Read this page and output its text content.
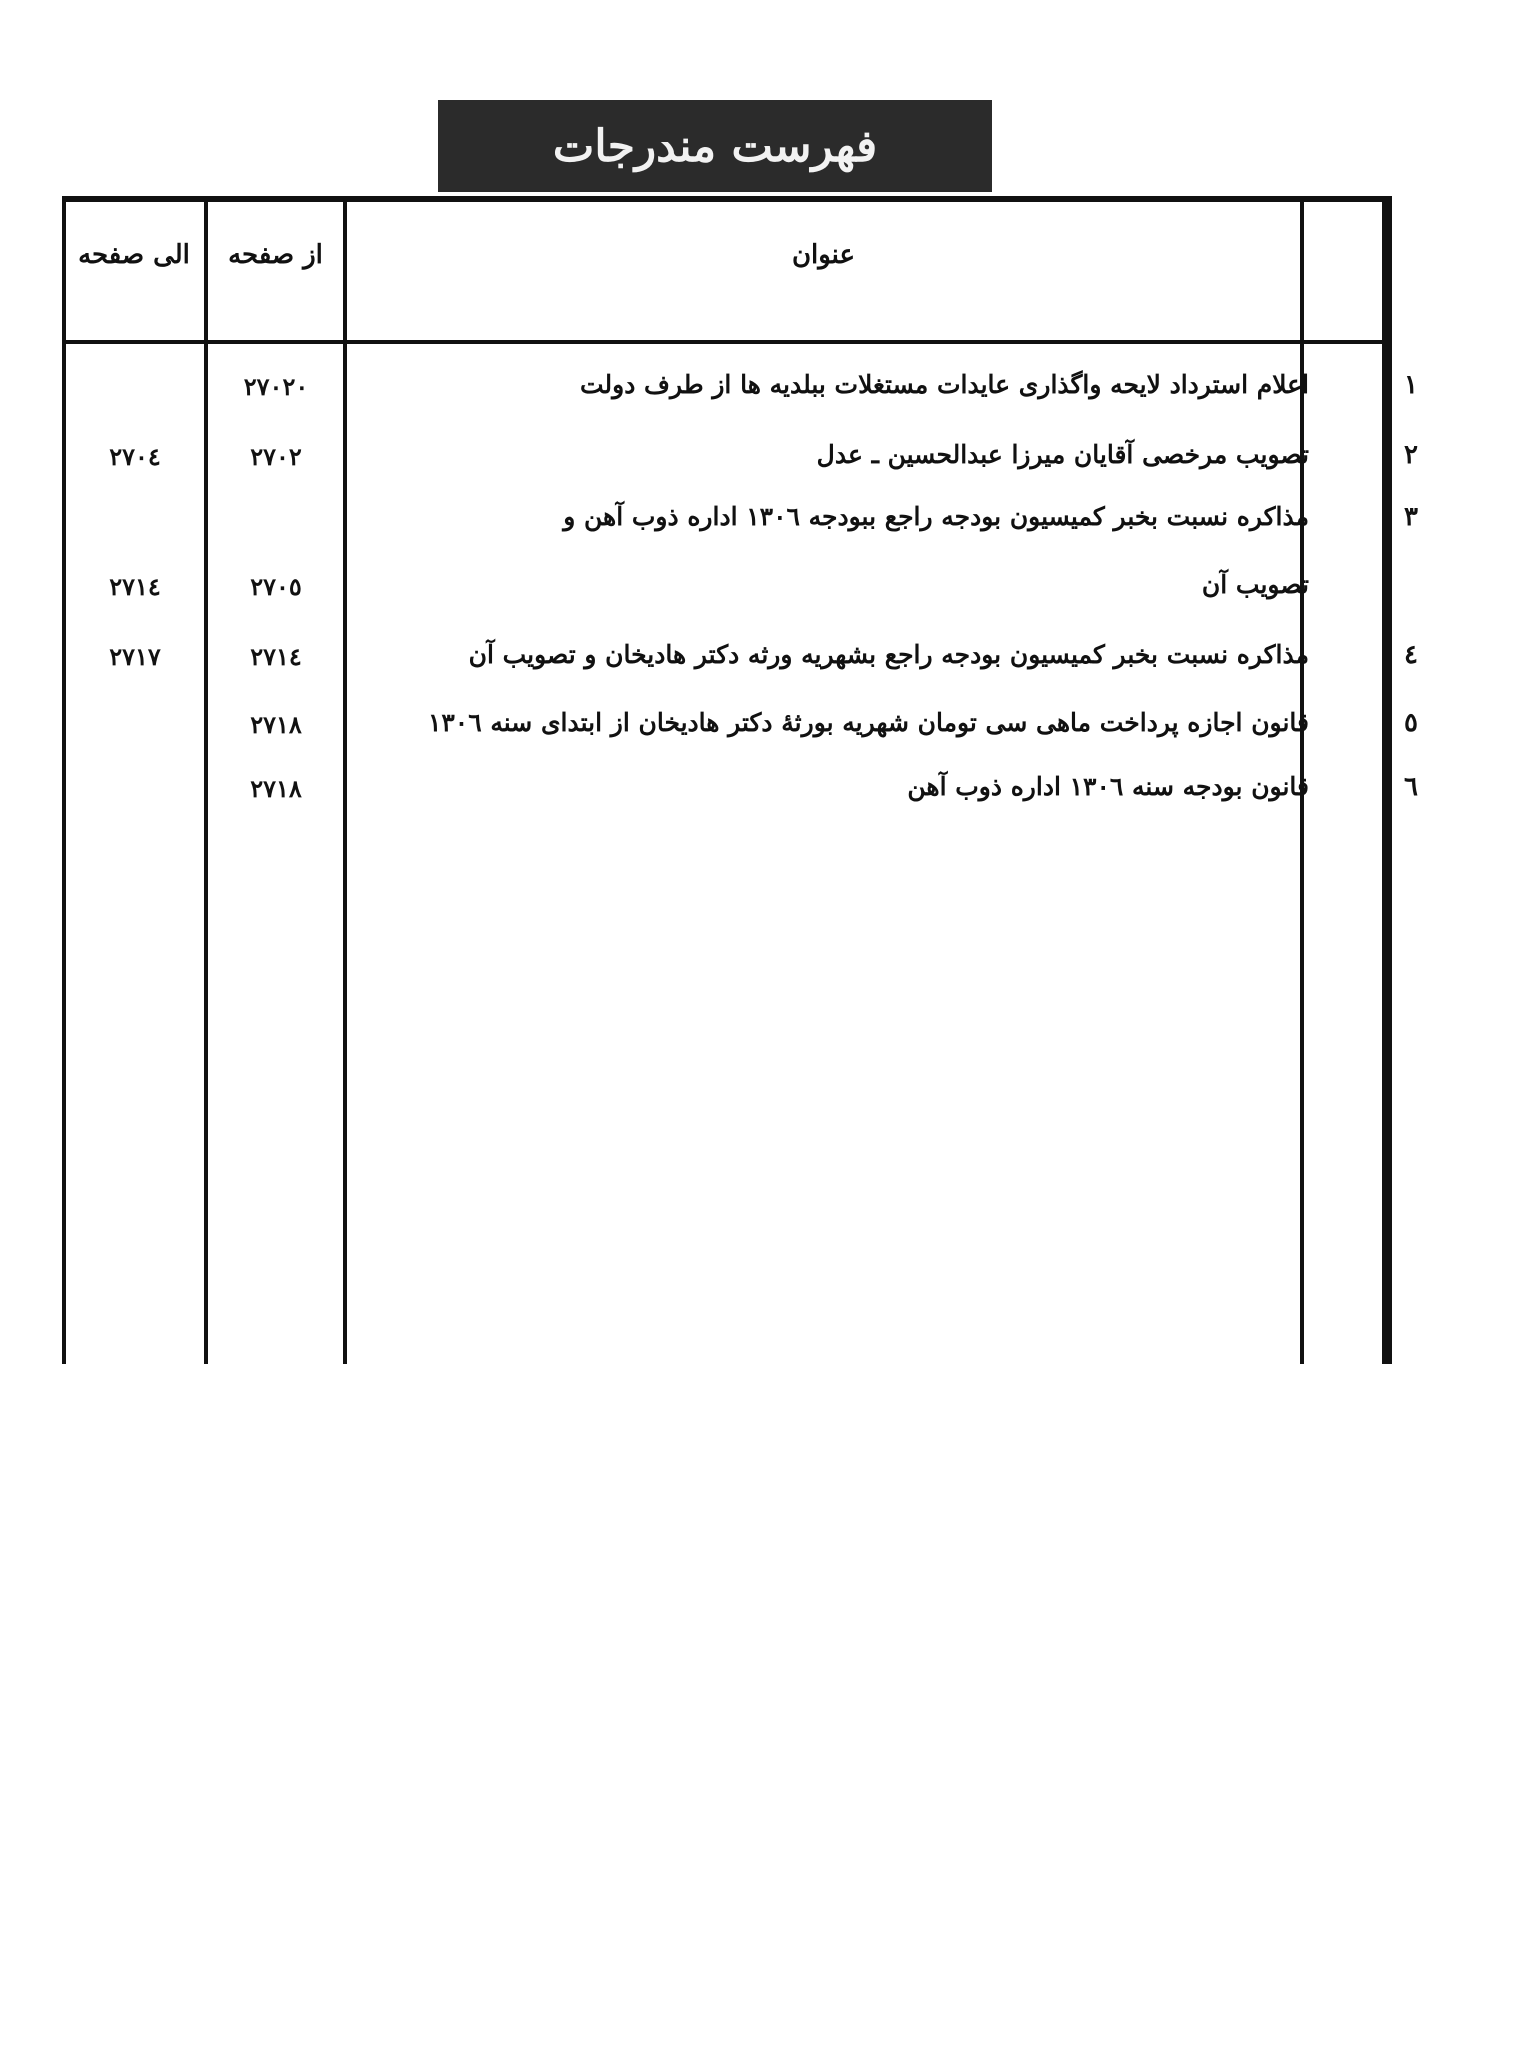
فهرست مندرجات
الی صفحه	از صفحه	عنوان
١
اعلام استرداد لایحه واگذاری عایدات مستغلات ببلدیه ها از طرف دولت
٢٧٠٢٠
٢
تصویب مرخصی آقایان میرزا عبدالحسین ـ عدل
٢٧٠٢
٢٧٠٤
٣
مذاکره نسبت بخبر کمیسیون بودجه راجع ببودجه ١٣٠٦ اداره ذوب آهن و
تصویب آن
٢٧٠٥
٢٧١٤
٤
مذاکره نسبت بخبر کمیسیون بودجه راجع بشهریه ورثه دکتر هادیخان و تصویب آن
٢٧١٤
٢٧١٧
٥
قانون اجازه پرداخت ماهی سی تومان شهریه بورثهٔ دکتر هادیخان از ابتدای سنه ١٣٠٦
٢٧١٨
٦
قانون بودجه سنه ١٣٠٦ اداره ذوب آهن
٢٧١٨
